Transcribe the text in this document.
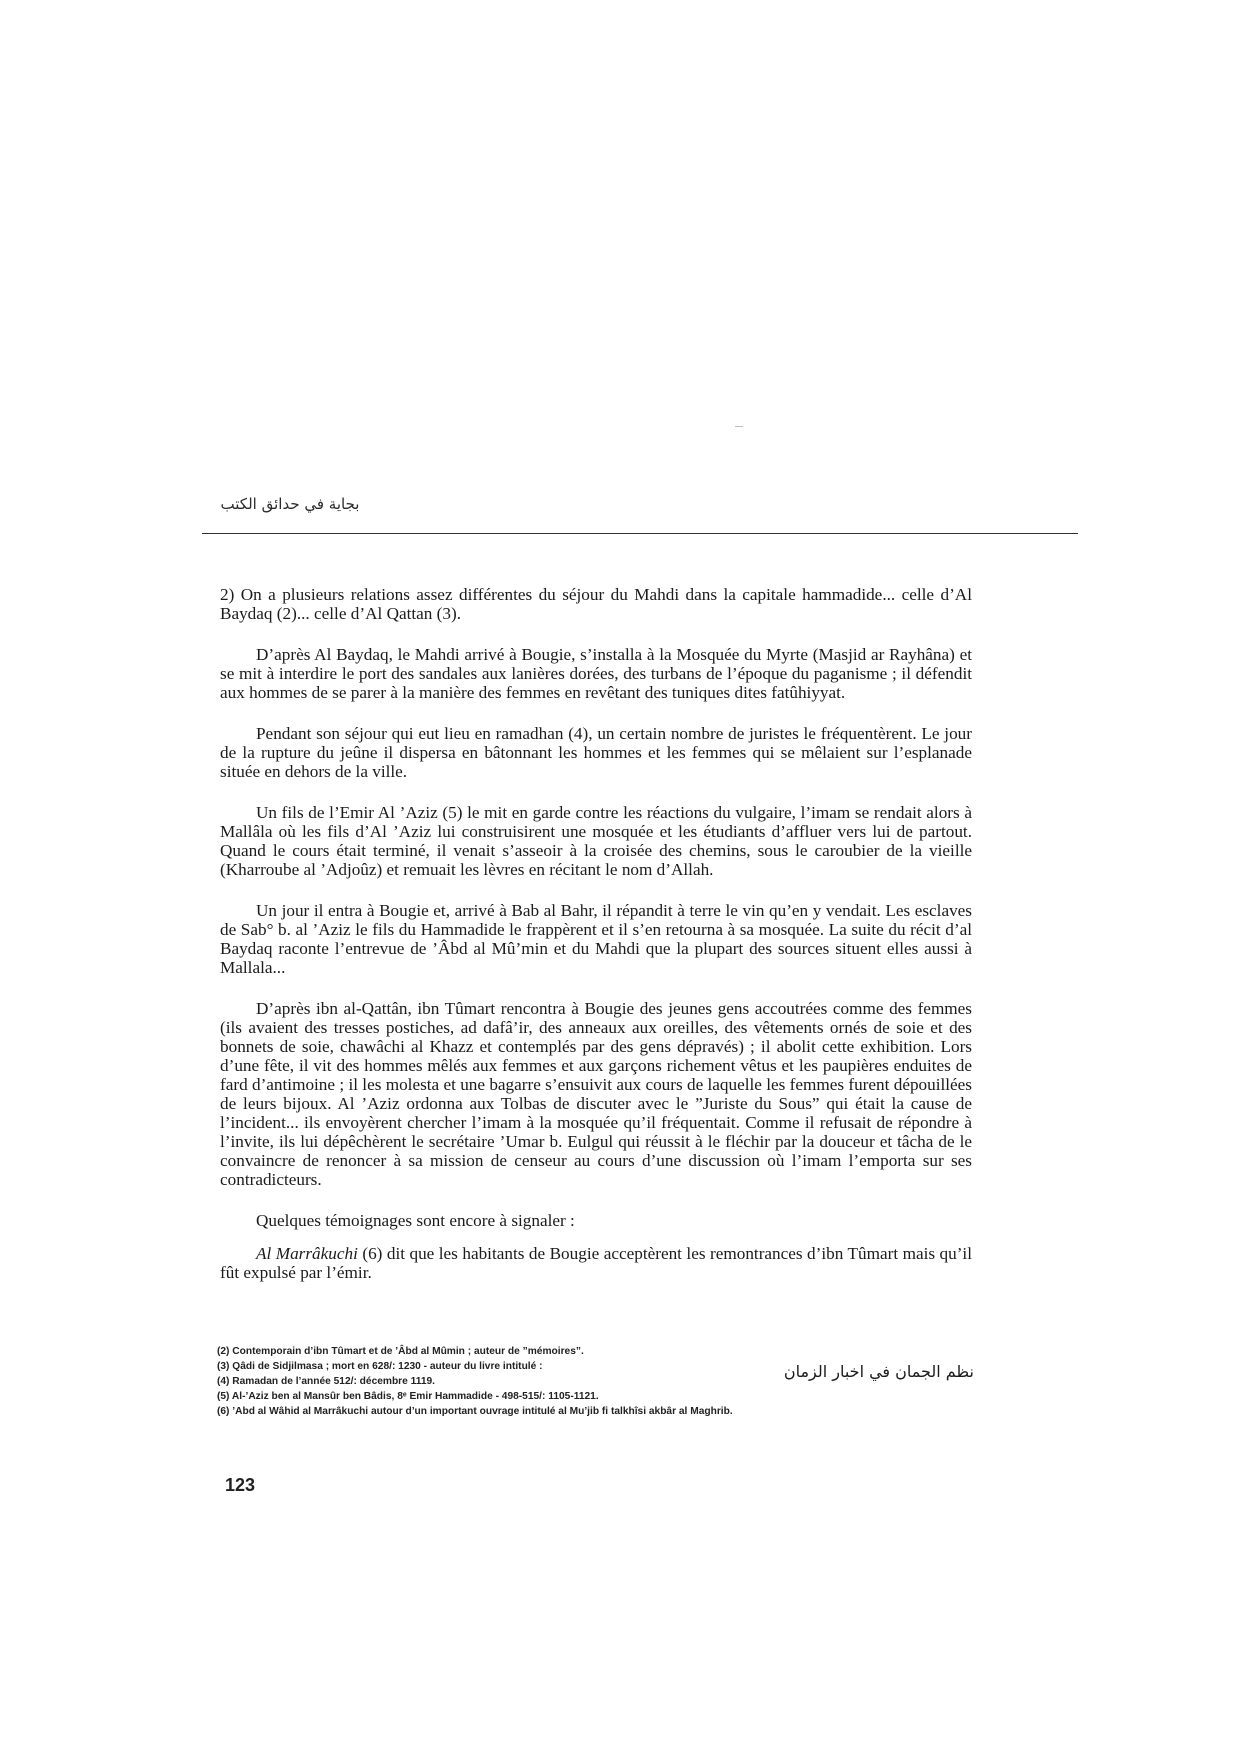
بجاية في حدائق الكتب

2) On a plusieurs relations assez différentes du séjour du Mahdi dans la capitale hammadide... celle d’Al Baydaq (2)... celle d’Al Qattan (3).

D’après Al Baydaq, le Mahdi arrivé à Bougie, s’installa à la Mosquée du Myrte (Masjid ar Rayhâna) et se mit à interdire le port des sandales aux lanières dorées, des turbans de l’époque du paganisme ; il défendit aux hommes de se parer à la manière des femmes en revêtant des tuniques dites fatûhiyyat.

Pendant son séjour qui eut lieu en ramadhan (4), un certain nombre de juristes le fréquentèrent. Le jour de la rupture du jeûne il dispersa en bâtonnant les hommes et les femmes qui se mêlaient sur l’esplanade située en dehors de la ville.

Un fils de l’Emir Al ’Aziz (5) le mit en garde contre les réactions du vulgaire, l’imam se rendait alors à Mallâla où les fils d’Al ’Aziz lui construisirent une mosquée et les étudiants d’affluer vers lui de partout. Quand le cours était terminé, il venait s’asseoir à la croisée des chemins, sous le caroubier de la vieille (Kharroube al ’Adjoûz) et remuait les lèvres en récitant le nom d’Allah.

Un jour il entra à Bougie et, arrivé à Bab al Bahr, il répandit à terre le vin qu’en y vendait. Les esclaves de Sab° b. al ’Aziz le fils du Hammadide le frappèrent et il s’en retourna à sa mosquée. La suite du récit d’al Baydaq raconte l’entrevue de ’Âbd al Mû’min et du Mahdi que la plupart des sources situent elles aussi à Mallala...

D’après ibn al-Qattân, ibn Tûmart rencontra à Bougie des jeunes gens accoutrées comme des femmes (ils avaient des tresses postiches, ad dafâ’ir, des anneaux aux oreilles, des vêtements ornés de soie et des bonnets de soie, chawâchi al Khazz et contemplés par des gens dépravés) ; il abolit cette exhibition. Lors d’une fête, il vit des hommes mêlés aux femmes et aux garçons richement vêtus et les paupières enduites de fard d’antimoine ; il les molesta et une bagarre s’ensuivit aux cours de laquelle les femmes furent dépouillées de leurs bijoux. Al ’Aziz ordonna aux Tolbas de discuter avec le ”Juriste du Sous” qui était la cause de l’incident... ils envoyèrent chercher l’imam à la mosquée qu’il fréquentait. Comme il refusait de répondre à l’invite, ils lui dépêchèrent le secrétaire ’Umar b. Eulgul qui réussit à le fléchir par la douceur et tâcha de le convaincre de renoncer à sa mission de censeur au cours d’une discussion où l’imam l’emporta sur ses contradicteurs.

Quelques témoignages sont encore à signaler :

Al Marrâkuchi (6) dit que les habitants de Bougie acceptèrent les remontrances d’ibn Tûmart mais qu’il fût expulsé par l’émir.

(2) Contemporain d’ibn Tûmart et de ’Âbd al Mûmin ; auteur de ”mémoires”.
(3) Qâdi de Sidjilmasa ; mort en 628/: 1230 - auteur du livre intitulé :
(4) Ramadan de l’année 512/: décembre 1119.
(5) Al-’Aziz ben al Mansûr ben Bâdis, 8ᵉ Emir Hammadide - 498-515/: 1105-1121.
(6) ’Abd al Wâhid al Marrâkuchi autour d’un important ouvrage intitulé al Mu’jib fi talkhîsi akbâr al Maghrib.
نظم الجمان في اخبار الزمان
123
